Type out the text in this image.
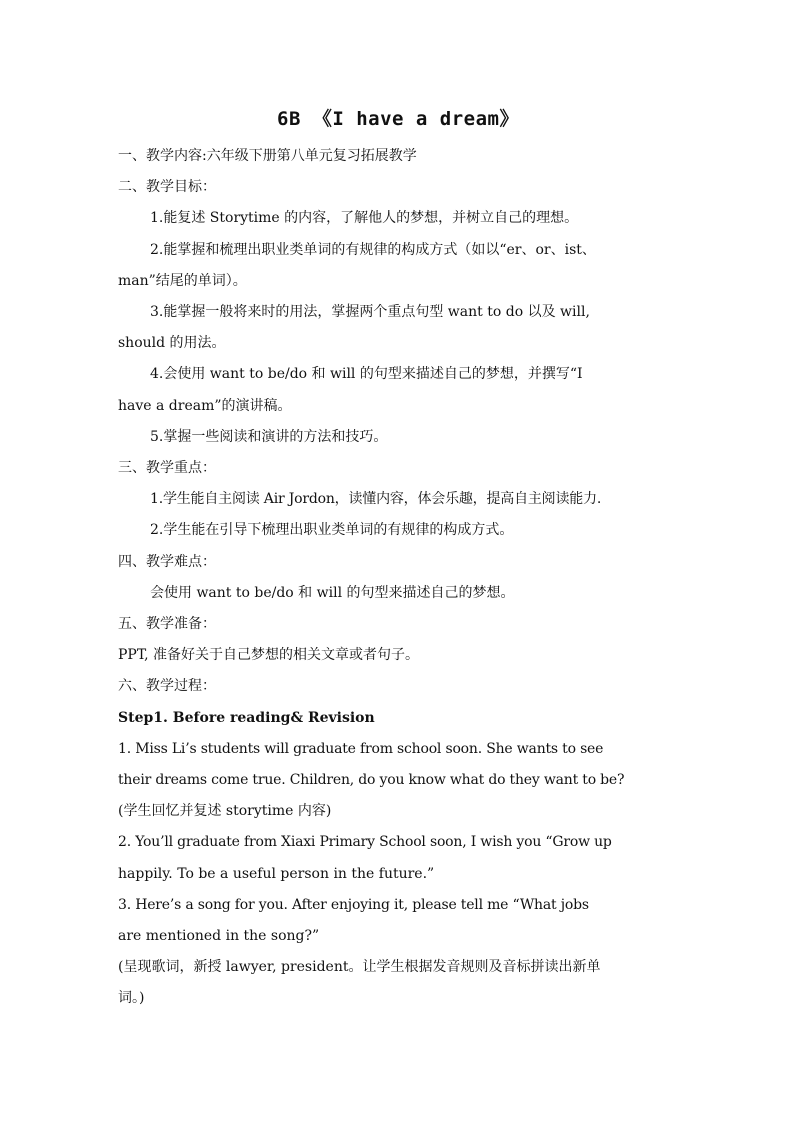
6B 《I have a dream》

一、教学内容:六年级下册第八单元复习拓展教学

二、教学目标：

1.能复述 Storytime 的内容，了解他人的梦想，并树立自己的理想。

2.能掌握和梳理出职业类单词的有规律的构成方式（如以“er、or、ist、

man”结尾的单词）。

3.能掌握一般将来时的用法，掌握两个重点句型 want to do 以及 will,

should 的用法。

4.会使用 want to be/do 和 will 的句型来描述自己的梦想，并撰写“I

have a dream”的演讲稿。

5.掌握一些阅读和演讲的方法和技巧。

三、教学重点：

1.学生能自主阅读 Air Jordon，读懂内容，体会乐趣，提高自主阅读能力.

2.学生能在引导下梳理出职业类单词的有规律的构成方式。

四、教学难点：

会使用 want to be/do 和 will 的句型来描述自己的梦想。

五、教学准备：

PPT, 准备好关于自己梦想的相关文章或者句子。

六、教学过程：

Step1. Before reading& Revision

1. Miss Li’s students will graduate from school soon. She wants to see

their dreams come true. Children, do you know what do they want to be?

(学生回忆并复述 storytime 内容)

2. You’ll graduate from Xiaxi Primary School soon, I wish you “Grow up

happily. To be a useful person in the future.”

3. Here’s a song for you. After enjoying it, please tell me “What jobs

are mentioned in the song?”

(呈现歌词，新授 lawyer, president。让学生根据发音规则及音标拼读出新单

词。)
